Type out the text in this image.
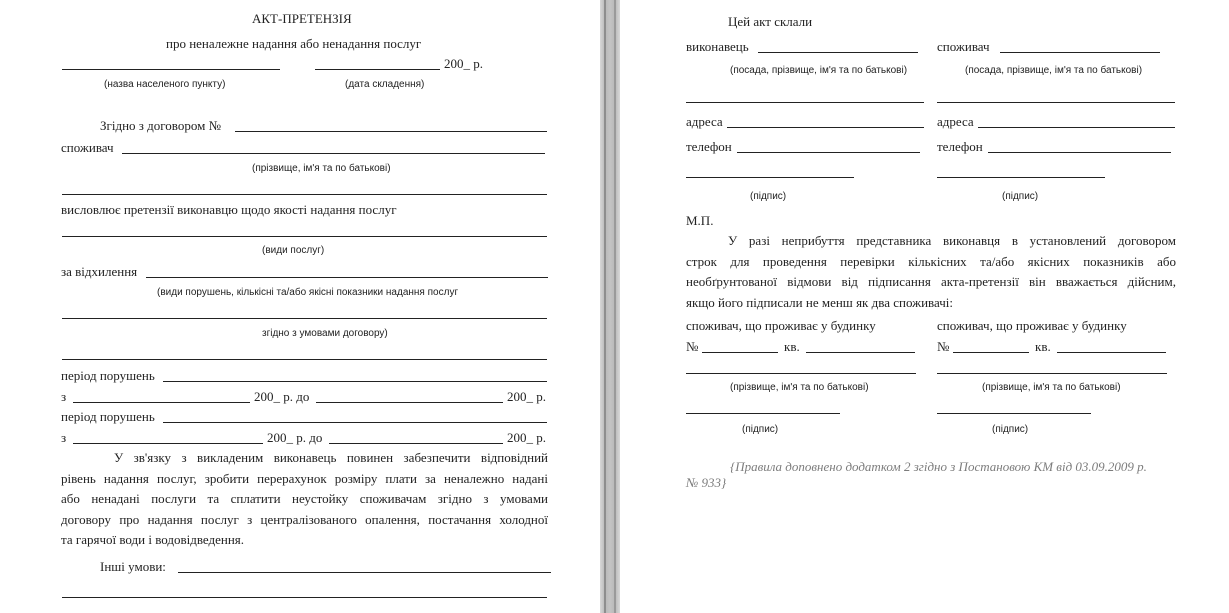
АКТ-ПРЕТЕНЗІЯ
про неналежне надання або ненадання послуг
200_ р.
(назва населеного пункту)	(дата складення)
Згідно з договором №
споживач
(прізвище, ім'я та по батькові)
висловлює претензії виконавцю щодо якості надання послуг
(види послуг)
за відхилення
(види порушень, кількісні та/або якісні показники надання послуг
згідно з умовами договору)
період порушень
з	200_ р. до	200_ р.
період порушень
з	200_ р. до	200_ р.
У зв'язку з викладеним виконавець повинен забезпечити відповідний
рівень надання послуг, зробити перерахунок розміру плати за неналежно надані
або ненадані послуги та сплатити неустойку споживачам згідно з умовами
договору про надання послуг з централізованого опалення, постачання холодної
та гарячої води і водовідведення.
Інші умови:
Цей акт склали
виконавець	споживач
(посада, прізвище, ім'я та по батькові)	(посада, прізвище, ім'я та по батькові)
адреса	адреса
телефон	телефон
(підпис)	(підпис)
М.П.
У разі неприбуття представника виконавця в установлений договором
строк для проведення перевірки кількісних та/або якісних показників або
необґрунтованої відмови від підписання акта-претензії він вважається дійсним,
якщо його підписали не менш як два споживачі:
споживач, що проживає у будинку	споживач, що проживає у будинку
№	кв.	№	кв.
(прізвище, ім'я та по батькові)	(прізвище, ім'я та по батькові)
(підпис)	(підпис)
{Правила доповнено додатком 2 згідно з Постановою КМ від 03.09.2009 р.
№ 933}
